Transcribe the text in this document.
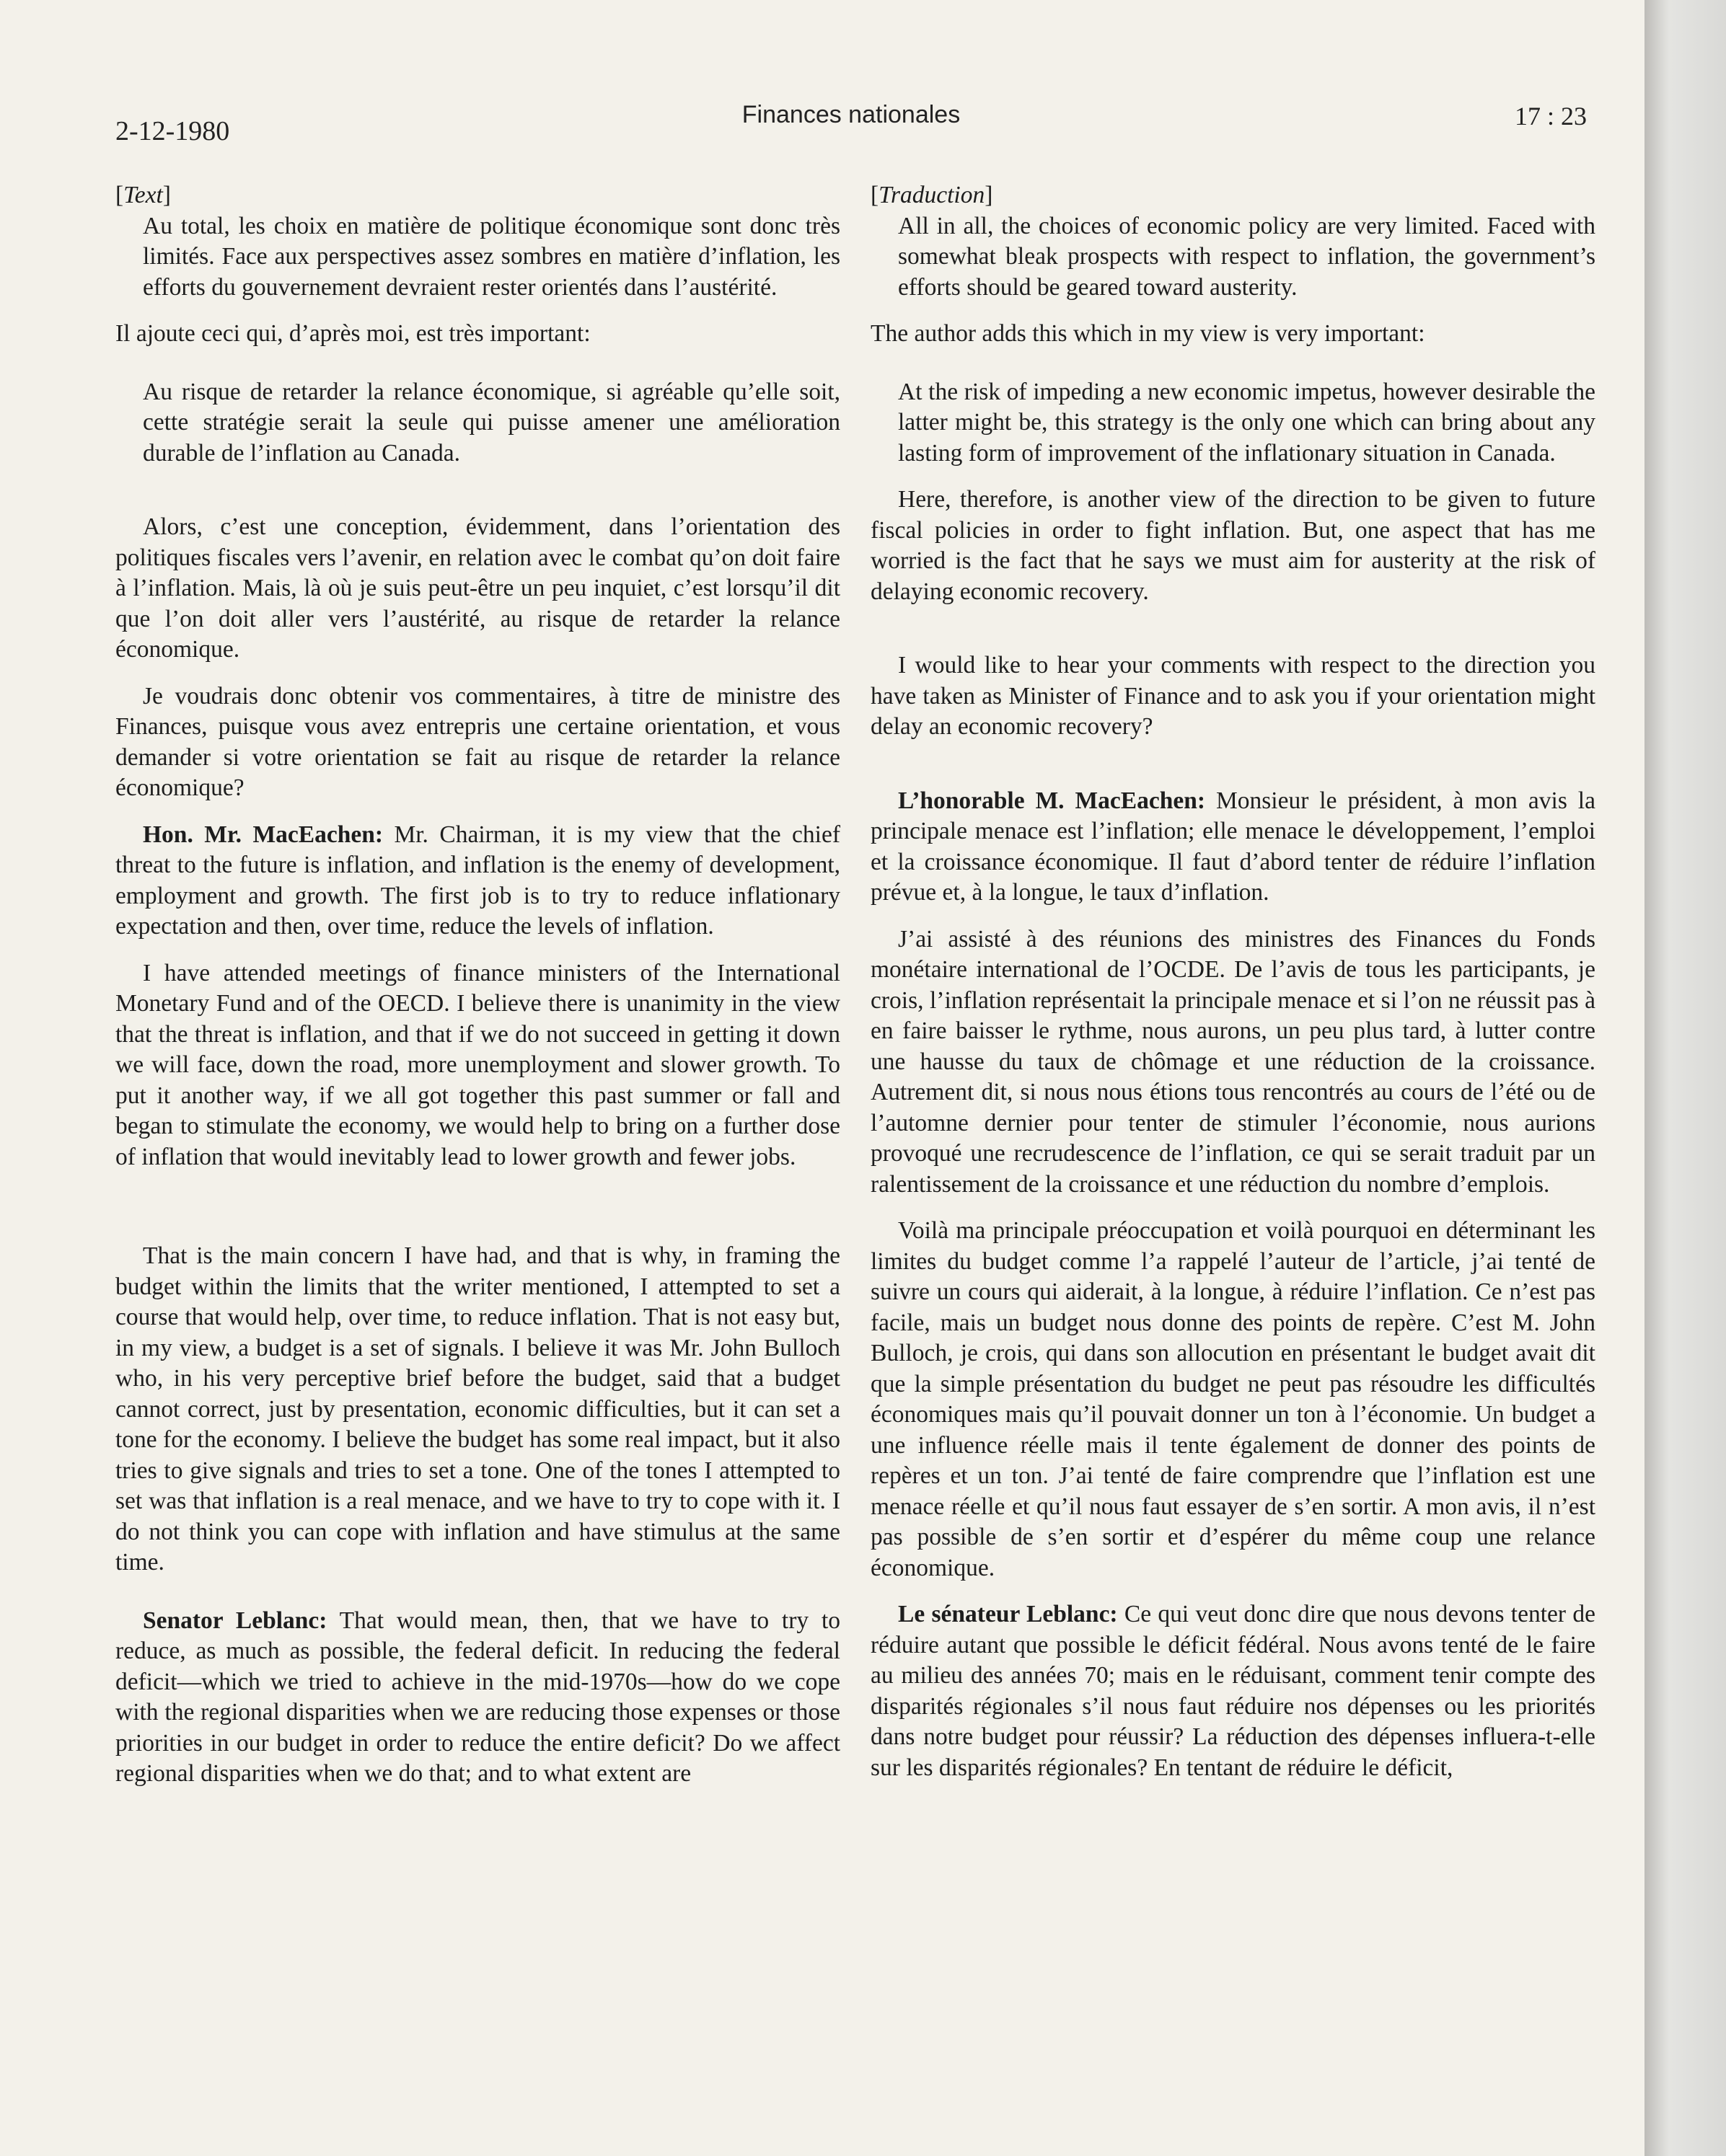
2-12-1980
Finances nationales	17 : 23

[Text]

Au total, les choix en matière de politique économique sont donc très limités. Face aux perspectives assez sombres en matière d’inflation, les efforts du gouvernement devraient rester orientés dans l’austérité.

Il ajoute ceci qui, d’après moi, est très important:

Au risque de retarder la relance économique, si agréable qu’elle soit, cette stratégie serait la seule qui puisse amener une amélioration durable de l’inflation au Canada.

Alors, c’est une conception, évidemment, dans l’orientation des politiques fiscales vers l’avenir, en relation avec le combat qu’on doit faire à l’inflation. Mais, là où je suis peut-être un peu inquiet, c’est lorsqu’il dit que l’on doit aller vers l’austérité, au risque de retarder la relance économique.

Je voudrais donc obtenir vos commentaires, à titre de ministre des Finances, puisque vous avez entrepris une certaine orientation, et vous demander si votre orientation se fait au risque de retarder la relance économique?

Hon. Mr. MacEachen: Mr. Chairman, it is my view that the chief threat to the future is inflation, and inflation is the enemy of development, employment and growth. The first job is to try to reduce inflationary expectation and then, over time, reduce the levels of inflation.

I have attended meetings of finance ministers of the International Monetary Fund and of the OECD. I believe there is unanimity in the view that the threat is inflation, and that if we do not succeed in getting it down we will face, down the road, more unemployment and slower growth. To put it another way, if we all got together this past summer or fall and began to stimulate the economy, we would help to bring on a further dose of inflation that would inevitably lead to lower growth and fewer jobs.

That is the main concern I have had, and that is why, in framing the budget within the limits that the writer mentioned, I attempted to set a course that would help, over time, to reduce inflation. That is not easy but, in my view, a budget is a set of signals. I believe it was Mr. John Bulloch who, in his very perceptive brief before the budget, said that a budget cannot correct, just by presentation, economic difficulties, but it can set a tone for the economy. I believe the budget has some real impact, but it also tries to give signals and tries to set a tone. One of the tones I attempted to set was that inflation is a real menace, and we have to try to cope with it. I do not think you can cope with inflation and have stimulus at the same time.

Senator Leblanc: That would mean, then, that we have to try to reduce, as much as possible, the federal deficit. In reducing the federal deficit—which we tried to achieve in the mid-1970s—how do we cope with the regional disparities when we are reducing those expenses or those priorities in our budget in order to reduce the entire deficit? Do we affect regional disparities when we do that; and to what extent are

[Traduction]

All in all, the choices of economic policy are very limited. Faced with somewhat bleak prospects with respect to inflation, the government’s efforts should be geared toward austerity.

The author adds this which in my view is very important:

At the risk of impeding a new economic impetus, however desirable the latter might be, this strategy is the only one which can bring about any lasting form of improvement of the inflationary situation in Canada.

Here, therefore, is another view of the direction to be given to future fiscal policies in order to fight inflation. But, one aspect that has me worried is the fact that he says we must aim for austerity at the risk of delaying economic recovery.

I would like to hear your comments with respect to the direction you have taken as Minister of Finance and to ask you if your orientation might delay an economic recovery?

L’honorable M. MacEachen: Monsieur le président, à mon avis la principale menace est l’inflation; elle menace le développement, l’emploi et la croissance économique. Il faut d’abord tenter de réduire l’inflation prévue et, à la longue, le taux d’inflation.

J’ai assisté à des réunions des ministres des Finances du Fonds monétaire international de l’OCDE. De l’avis de tous les participants, je crois, l’inflation représentait la principale menace et si l’on ne réussit pas à en faire baisser le rythme, nous aurons, un peu plus tard, à lutter contre une hausse du taux de chômage et une réduction de la croissance. Autrement dit, si nous nous étions tous rencontrés au cours de l’été ou de l’automne dernier pour tenter de stimuler l’économie, nous aurions provoqué une recrudescence de l’inflation, ce qui se serait traduit par un ralentissement de la croissance et une réduction du nombre d’emplois.

Voilà ma principale préoccupation et voilà pourquoi en déterminant les limites du budget comme l’a rappelé l’auteur de l’article, j’ai tenté de suivre un cours qui aiderait, à la longue, à réduire l’inflation. Ce n’est pas facile, mais un budget nous donne des points de repère. C’est M. John Bulloch, je crois, qui dans son allocution en présentant le budget avait dit que la simple présentation du budget ne peut pas résoudre les difficultés économiques mais qu’il pouvait donner un ton à l’économie. Un budget a une influence réelle mais il tente également de donner des points de repères et un ton. J’ai tenté de faire comprendre que l’inflation est une menace réelle et qu’il nous faut essayer de s’en sortir. A mon avis, il n’est pas possible de s’en sortir et d’espérer du même coup une relance économique.

Le sénateur Leblanc: Ce qui veut donc dire que nous devons tenter de réduire autant que possible le déficit fédéral. Nous avons tenté de le faire au milieu des années 70; mais en le réduisant, comment tenir compte des disparités régionales s’il nous faut réduire nos dépenses ou les priorités dans notre budget pour réussir? La réduction des dépenses influera-t-elle sur les disparités régionales? En tentant de réduire le déficit,
